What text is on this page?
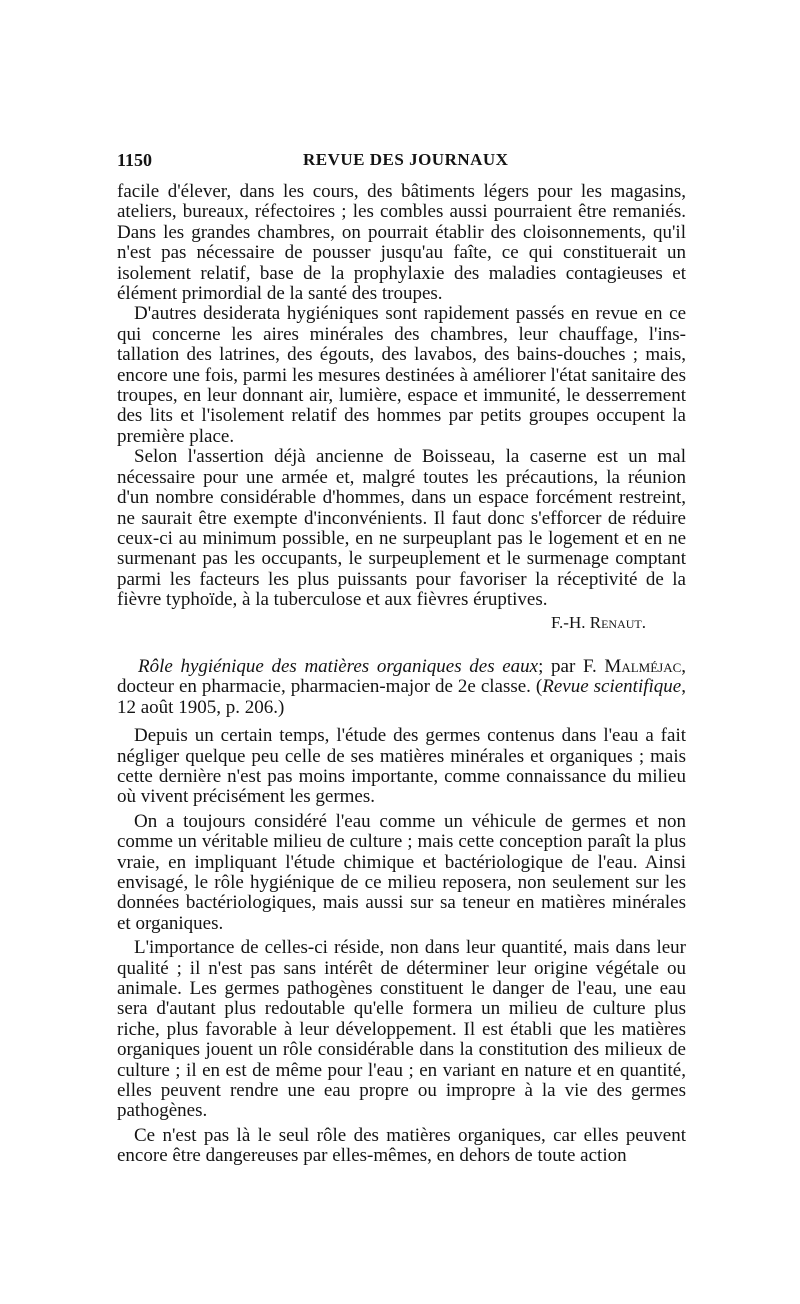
1150	REVUE DES JOURNAUX

facile d'élever, dans les cours, des bâtiments légers pour les magasins, ateliers, bureaux, réfectoires ; les combles aussi pourraient être remaniés. Dans les grandes chambres, on pourrait établir des cloisonnements, qu'il n'est pas nécessaire de pousser jusqu'au faîte, ce qui constituerait un isolement relatif, base de la prophylaxie des maladies contagieuses et élément primordial de la santé des troupes.

D'autres desiderata hygiéniques sont rapidement passés en revue en ce qui concerne les aires minérales des chambres, leur chauffage, l'installation des latrines, des égouts, des lavabos, des bains-douches ; mais, encore une fois, parmi les mesures destinées à améliorer l'état sanitaire des troupes, en leur donnant air, lumière, espace et immunité, le desserrement des lits et l'isolement relatif des hommes par petits groupes occupent la première place.

Selon l'assertion déjà ancienne de Boisseau, la caserne est un mal nécessaire pour une armée et, malgré toutes les précautions, la réunion d'un nombre considérable d'hommes, dans un espace forcément restreint, ne saurait être exempte d'inconvénients. Il faut donc s'efforcer de réduire ceux-ci au minimum possible, en ne surpeuplant pas le logement et en ne surmenant pas les occupants, le surpeuplement et le surmenage comptant parmi les facteurs les plus puissants pour favoriser la réceptivité de la fièvre typhoïde, à la tuberculose et aux fièvres éruptives.

F.-H. Renaut.

Rôle hygiénique des matières organiques des eaux; par F. Malméjac, docteur en pharmacie, pharmacien-major de 2e classe. (Revue scientifique, 12 août 1905, p. 206.)

Depuis un certain temps, l'étude des germes contenus dans l'eau a fait négliger quelque peu celle de ses matières minérales et organiques ; mais cette dernière n'est pas moins importante, comme connaissance du milieu où vivent précisément les germes.

On a toujours considéré l'eau comme un véhicule de germes et non comme un véritable milieu de culture ; mais cette conception paraît la plus vraie, en impliquant l'étude chimique et bactériologique de l'eau. Ainsi envisagé, le rôle hygiénique de ce milieu reposera, non seulement sur les données bactériologiques, mais aussi sur sa teneur en matières minérales et organiques.

L'importance de celles-ci réside, non dans leur quantité, mais dans leur qualité ; il n'est pas sans intérêt de déterminer leur origine végétale ou animale. Les germes pathogènes constituent le danger de l'eau, une eau sera d'autant plus redoutable qu'elle formera un milieu de culture plus riche, plus favorable à leur développement. Il est établi que les matières organiques jouent un rôle considérable dans la constitution des milieux de culture ; il en est de même pour l'eau ; en variant en nature et en quantité, elles peuvent rendre une eau propre ou impropre à la vie des germes pathogènes.

Ce n'est pas là le seul rôle des matières organiques, car elles peuvent encore être dangereuses par elles-mêmes, en dehors de toute action
